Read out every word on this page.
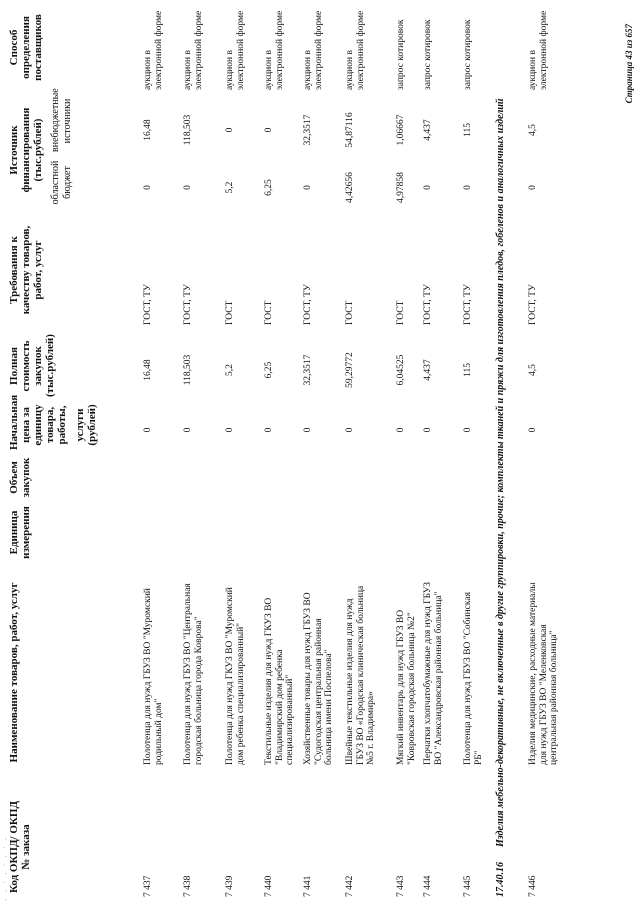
· · ˙ · ˙ · ˙ ·
Код ОКПД/ ОКПД № заказа
Наименование товаров, работ, услуг
Единица измерения
Объем закупок
Начальная цена за единицу товара, работы, услуги (рублей)
Полная стоимость закупок (тыс.рублей)
Требования к качеству товаров, работ, услуг
Источник финансирования (тыс.рублей)
областной бюджет
внебюджетные источники
Способ определения поставщиков
7 437
Полотенца для нужд ГБУЗ ВО "Муромский родильный дом"
0
16,48
ГОСТ, ТУ
0
16,48
аукцион в электронной форме
7 438
Полотенца для нужд ГБУЗ ВО "Центральная городская больница города Коврова"
0
118,503
ГОСТ, ТУ
0
118,503
аукцион в электронной форме
7 439
Полотенца для нужд ГКУЗ ВО "Муромский дом ребенка специализированный"
0
5,2
ГОСТ
5,2
0
аукцион в электронной форме
7 440
Текстильные изделия для нужд ГКУЗ ВО "Владимирский дом ребенка специализированный"
0
6,25
ГОСТ
6,25
0
аукцион в электронной форме
7 441
Хозяйственные товары для нужд ГБУЗ ВО "Судогодская центральная районная больница имени Поспелова"
0
32,3517
ГОСТ, ТУ
0
32,3517
аукцион в электронной форме
7 442
Швейные текстильные изделия для нужд ГБУЗ ВО «Городская клиническая больница №5 г. Владимира»
0
59,29772
ГОСТ
4,42656
54,87116
аукцион в электронной форме
7 443
Мягкий инвентарь для нужд ГБУЗ ВО "Ковровская городская больница №2"
0
6,04525
ГОСТ
4,97858
1,06667
запрос котировок
7 444
Перчатки хлопчатобумажные для нужд ГБУЗ ВО "Александровская районная больница"
0
4,437
ГОСТ, ТУ
0
4,437
запрос котировок
7 445
Полотенца для нужд ГБУЗ ВО "Собинская РБ"
0
115
ГОСТ, ТУ
0
115
запрос котировок
17.40.16
Изделия мебельно-декоративные, не включенные в другие группировки, прочие; комплекты тканей и пряжи для изготовления пледов, гобеленов и аналогичных изделий
7 446
Изделия медицинские, расходные материалы для нужд ГБУЗ ВО "Меленковская центральная районная больница"
0
4,5
ГОСТ, ТУ
0
4,5
аукцион в электронной форме	Страница 43 из 657
